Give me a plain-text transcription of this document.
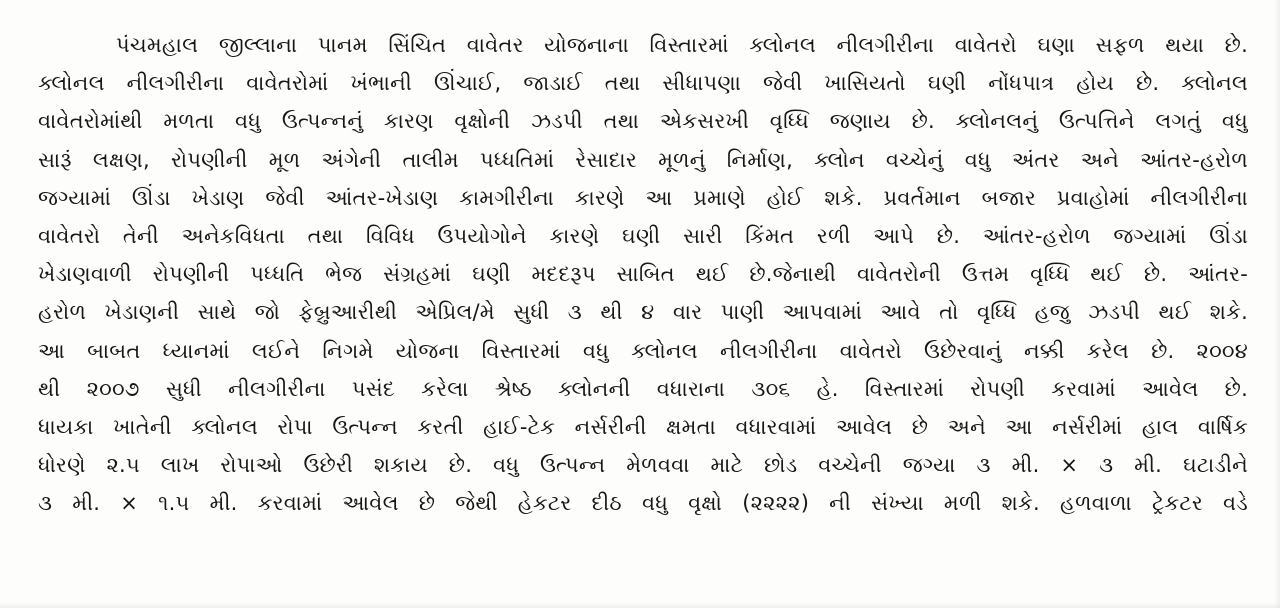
પંચમહાલ જીલ્લાના પાનમ સિંચિત વાવેતર યોજનાના વિસ્તારમાં ક્લોનલ નીલગીરીના વાવેતરો ઘણા સફળ થયા છે.
ક્લોનલ નીલગીરીના વાવેતરોમાં ખંભાની ઊંચાઈ, જાડાઈ તથા સીધાપણા જેવી ખાસિયતો ઘણી નોંધપાત્ર હોય છે. ક્લોનલ
વાવેતરોમાંથી મળતા વધુ ઉત્પન્નનું કારણ વૃક્ષોની ઝડપી તથા એકસરખી વૃધ્ધિ જણાય છે. ક્લોનલનું ઉત્પત્તિને લગતું વધુ
સારૂં લક્ષણ, રોપણીની મૂળ અંગેની તાલીમ પધ્ધતિમાં રેસાદાર મૂળનું નિર્માણ, ક્લોન વચ્ચેનું વધુ અંતર અને આંતર-હરોળ
જગ્યામાં ઊંડા ખેડાણ જેવી આંતર-ખેડાણ કામગીરીના કારણે આ પ્રમાણે હોઈ શકે. પ્રવર્તમાન બજાર પ્રવાહોમાં નીલગીરીના
વાવેતરો તેની અનેકવિધતા તથા વિવિધ ઉપયોગોને કારણે ઘણી સારી કિંમત રળી આપે છે. આંતર-હરોળ જગ્યામાં ઊંડા
ખેડાણવાળી રોપણીની પધ્ધતિ ભેજ સંગ્રહમાં ઘણી મદદરૂપ સાબિત થઈ છે.જેનાથી વાવેતરોની ઉત્તમ વૃધ્ધિ થઈ છે. આંતર-
હરોળ ખેડાણની સાથે જો ફેબ્રુઆરીથી એપ્રિલ/મે સુધી ૩ થી ૪ વાર પાણી આપવામાં આવે તો વૃધ્ધિ હજુ ઝડપી થઈ શકે.
આ બાબત ધ્યાનમાં લઈને નિગમે યોજના વિસ્તારમાં વધુ ક્લોનલ નીલગીરીના વાવેતરો ઉછેરવાનું નક્કી કરેલ છે. ૨૦૦૪
થી ૨૦૦૭ સુધી નીલગીરીના પસંદ કરેલા શ્રેષ્ઠ ક્લોનની વધારાના ૩૦૬ હે. વિસ્તારમાં રોપણી કરવામાં આવેલ છે.
ધાયકા ખાતેની ક્લોનલ રોપા ઉત્પન્ન કરતી હાઈ-ટેક નર્સરીની ક્ષમતા વધારવામાં આવેલ છે અને આ નર્સરીમાં હાલ વાર્ષિક
ધોરણે ૨.૫ લાખ રોપાઓ ઉછેરી શકાય છે. વધુ ઉત્પન્ન મેળવવા માટે છોડ વચ્ચેની જગ્યા ૩ મી. × ૩ મી. ઘટાડીને
૩ મી. × ૧.૫ મી. કરવામાં આવેલ છે જેથી હેકટર દીઠ વધુ વૃક્ષો (૨૨૨૨) ની સંખ્યા મળી શકે. હળવાળા ટ્રેકટર વડે
